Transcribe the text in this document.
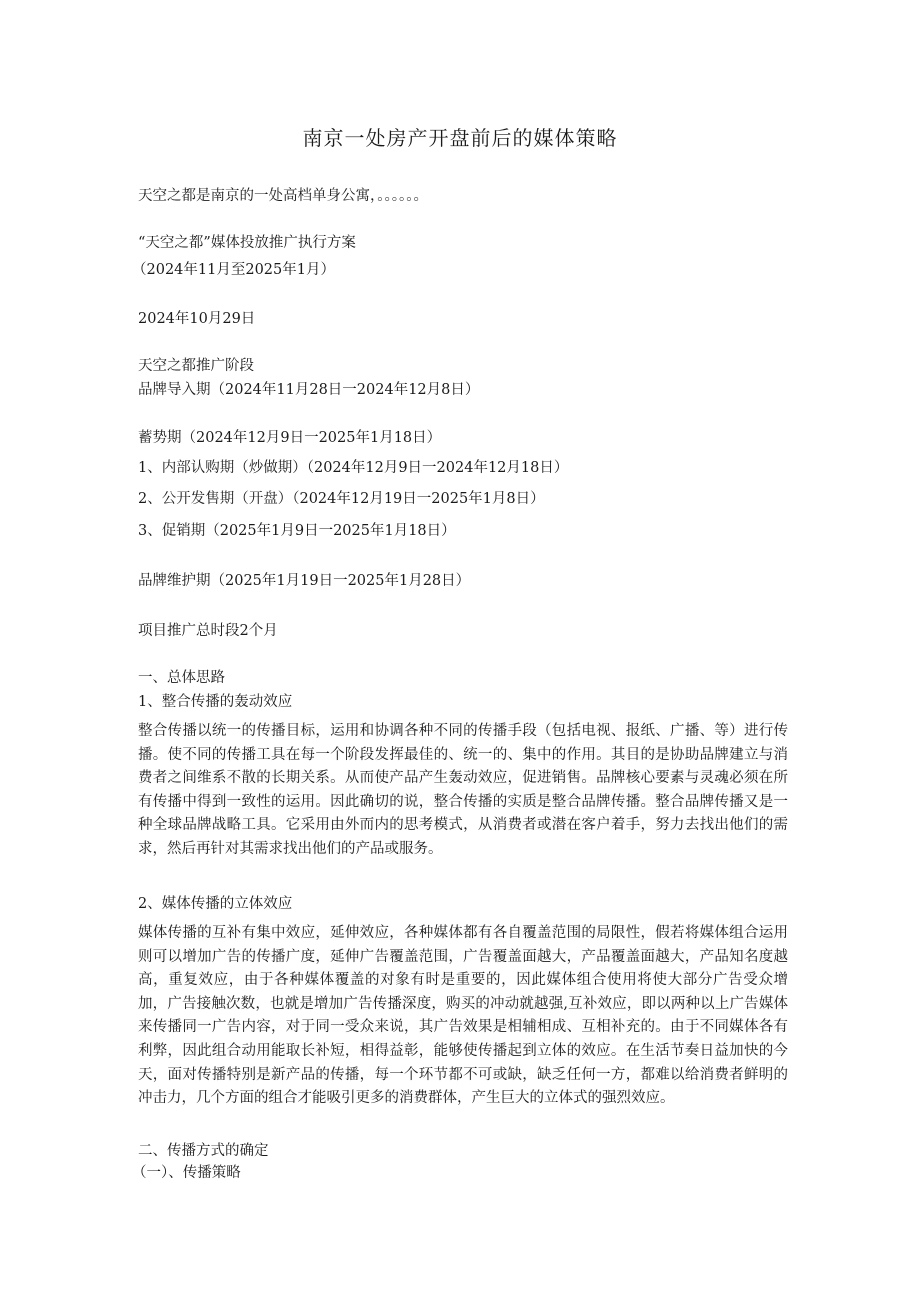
南京一处房产开盘前后的媒体策略
天空之都是南京的一处高档单身公寓，。。。。。。
“天空之都”媒体投放推广执行方案
（2024年11月至2025年1月）
2024年10月29日
天空之都推广阶段
品牌导入期（2024年11月28日一2024年12月8日）
蓄势期（2024年12月9日一2025年1月18日）
1、内部认购期（炒做期）（2024年12月9日一2024年12月18日）
2、公开发售期（开盘）（2024年12月19日一2025年1月8日）
3、促销期（2025年1月9日一2025年1月18日）
品牌维护期（2025年1月19日一2025年1月28日）
项目推广总时段2个月
一、总体思路
1、整合传播的轰动效应

整合传播以统一的传播目标，运用和协调各种不同的传播手段（包括电视、报纸、广播、等）进行传播。使不同的传播工具在每一个阶段发挥最佳的、统一的、集中的作用。其目的是协助品牌建立与消费者之间维系不散的长期关系。从而使产品产生轰动效应，促进销售。品牌核心要素与灵魂必须在所有传播中得到一致性的运用。因此确切的说，整合传播的实质是整合品牌传播。整合品牌传播又是一种全球品牌战略工具。它采用由外而内的思考模式，从消费者或潜在客户着手，努力去找出他们的需求，然后再针对其需求找出他们的产品或服务。

2、媒体传播的立体效应

媒体传播的互补有集中效应，延伸效应，各种媒体都有各自覆盖范围的局限性，假若将媒体组合运用则可以增加广告的传播广度，延伸广告覆盖范围，广告覆盖面越大，产品覆盖面越大，产品知名度越高，重复效应，由于各种媒体覆盖的对象有时是重要的，因此媒体组合使用将使大部分广告受众增加，广告接触次数，也就是增加广告传播深度，购买的冲动就越强,互补效应，即以两种以上广告媒体来传播同一广告内容，对于同一受众来说，其广告效果是相辅相成、互相补充的。由于不同媒体各有利弊，因此组合动用能取长补短，相得益彰，能够使传播起到立体的效应。在生活节奏日益加快的今天，面对传播特别是新产品的传播，每一个环节都不可或缺，缺乏任何一方，都难以给消费者鲜明的冲击力，几个方面的组合才能吸引更多的消费群体，产生巨大的立体式的强烈效应。

二、传播方式的确定
（一）、传播策略
